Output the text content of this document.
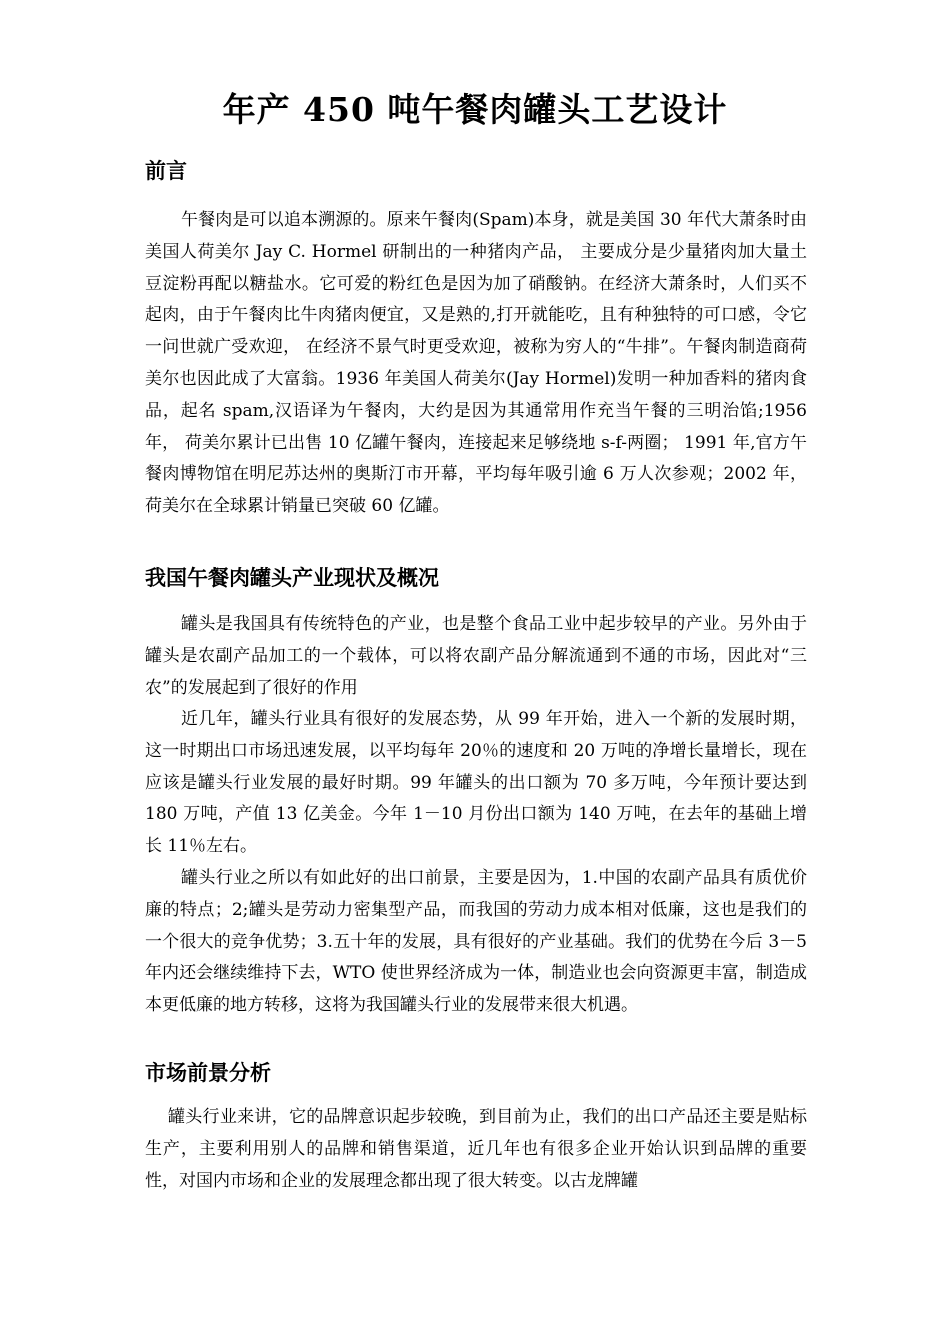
年产 450 吨午餐肉罐头工艺设计
前言

午餐肉是可以追本溯源的。原来午餐肉(Spam)本身，就是美国 30 年代大萧条时由美国人荷美尔 Jay C. Hormel 研制出的一种猪肉产品， 主要成分是少量猪肉加大量土豆淀粉再配以糖盐水。它可爱的粉红色是因为加了硝酸钠。在经济大萧条时，人们买不起肉，由于午餐肉比牛肉猪肉便宜，又是熟的,打开就能吃，且有种独特的可口感，令它一问世就广受欢迎， 在经济不景气时更受欢迎，被称为穷人的“牛排”。午餐肉制造商荷美尔也因此成了大富翁。1936 年美国人荷美尔(Jay Hormel)发明一种加香料的猪肉食品，起名 spam,汉语译为午餐肉，大约是因为其通常用作充当午餐的三明治馅;1956 年， 荷美尔累计已出售 10 亿罐午餐肉，连接起来足够绕地 s-f-两圈； 1991 年,官方午餐肉博物馆在明尼苏达州的奥斯汀市开幕，平均每年吸引逾 6 万人次参观；2002 年，荷美尔在全球累计销量已突破 60 亿罐。

我国午餐肉罐头产业现状及概况

罐头是我国具有传统特色的产业，也是整个食品工业中起步较早的产业。另外由于罐头是农副产品加工的一个载体，可以将农副产品分解流通到不通的市场，因此对“三农”的发展起到了很好的作用

近几年，罐头行业具有很好的发展态势，从 99 年开始，进入一个新的发展时期，这一时期出口市场迅速发展，以平均每年 20％的速度和 20 万吨的净增长量增长，现在应该是罐头行业发展的最好时期。99 年罐头的出口额为 70 多万吨，今年预计要达到 180 万吨，产值 13 亿美金。今年 1－10 月份出口额为 140 万吨，在去年的基础上增长 11％左右。

罐头行业之所以有如此好的出口前景，主要是因为，1.中国的农副产品具有质优价廉的特点；2;罐头是劳动力密集型产品，而我国的劳动力成本相对低廉，这也是我们的一个很大的竞争优势；3.五十年的发展，具有很好的产业基础。我们的优势在今后 3－5 年内还会继续维持下去，WTO 使世界经济成为一体，制造业也会向资源更丰富，制造成本更低廉的地方转移，这将为我国罐头行业的发展带来很大机遇。

市场前景分析

罐头行业来讲，它的品牌意识起步较晚，到目前为止，我们的出口产品还主要是贴标生产，主要利用别人的品牌和销售渠道，近几年也有很多企业开始认识到品牌的重要性，对国内市场和企业的发展理念都出现了很大转变。以古龙牌罐
